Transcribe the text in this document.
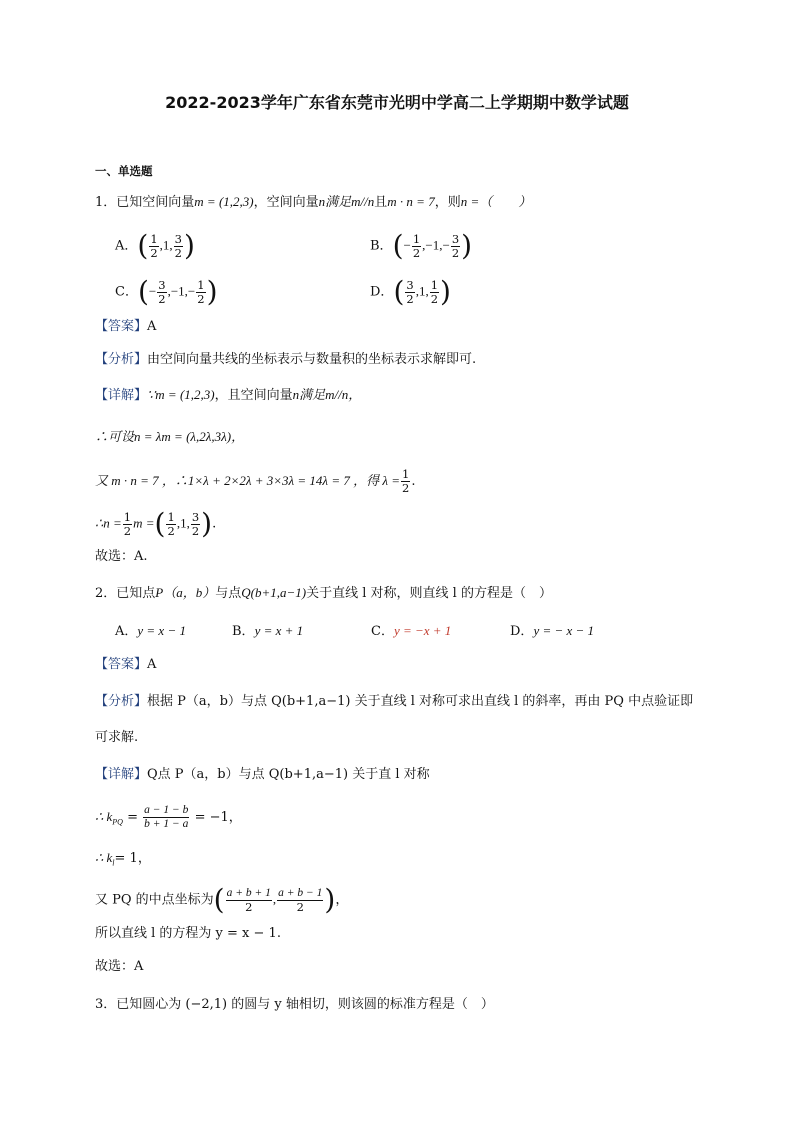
2022-2023学年广东省东莞市光明中学高二上学期期中数学试题
一、单选题
1．已知空间向量m = (1,2,3)，空间向量n满足m//n且m · n = 7，则n =（　　）
A．( $\frac{1}{2} ,1$, $\frac{3}{2}$ )	B．(− $\frac{1}{2} ,-1,- \frac{3}{2}$ )
C．(− $\frac{3}{2} ,-1,- \frac{1}{2}$ )	D．( $\frac{3}{2} ,1$, $\frac{1}{2}$ )
【答案】A
【分析】由空间向量共线的坐标表示与数量积的坐标表示求解即可.
【详解】∵m = (1,2,3)，且空间向量n满足m//n，
∴可设n = λm = (λ,2λ,3λ)，
又 m · n = 7 ，∴1×λ + 2×2λ + 3×3λ = 14λ = 7 ，得 $\lambda = \frac{1}{2}$ .
∴n = $\frac{1}{2}$ m =( $\frac{1}{2} ,1$, $\frac{3}{2}$ ).
故选：A.
2．已知点P（a，b）与点Q(b+1,a−1)关于直线 l 对称，则直线 l 的方程是（　）
A．y = x − 1	B．y = x + 1	C．y = −x + 1	D．y = − x − 1
【答案】A
【分析】根据 P（a，b）与点 Q(b+1,a−1) 关于直线 l 对称可求出直线 l 的斜率，再由 PQ 中点验证即
可求解.
【详解】Q点 P（a，b）与点 Q(b+1,a−1) 关于直 l 对称
∴ $k_{PQ} = \frac{a - 1 - b}{b + 1 - a} = -1$，
∴ $k_l= 1$，
又 PQ 的中点坐标为( $\frac{a + b + 1}{2}$ , $\frac{a + b - 1}{2}$ )，
所以直线 l 的方程为 y = x − 1.
故选：A
3．已知圆心为 (−2,1) 的圆与 y 轴相切，则该圆的标准方程是（　）
